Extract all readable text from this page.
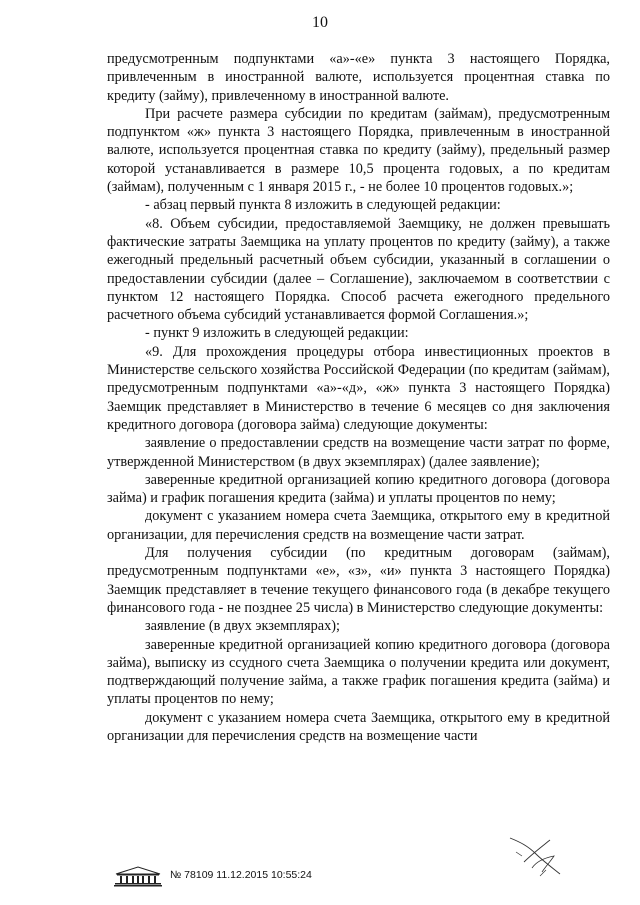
10

предусмотренным подпунктами «а»-«е» пункта 3 настоящего Порядка, привлеченным в иностранной валюте, используется процентная ставка по кредиту (займу), привлеченному в иностранной валюте.

При расчете размера субсидии по кредитам (займам), предусмотренным подпунктом «ж» пункта 3 настоящего Порядка, привлеченным в иностранной валюте, используется процентная ставка по кредиту (займу), предельный размер которой устанавливается в размере 10,5 процента годовых, а по кредитам (займам), полученным с 1 января 2015 г., - не более 10 процентов годовых.»;

- абзац первый пункта 8 изложить в следующей редакции:

«8. Объем субсидии, предоставляемой Заемщику, не должен превышать фактические затраты Заемщика на уплату процентов по кредиту (займу), а также ежегодный предельный расчетный объем субсидии, указанный в соглашении о предоставлении субсидии (далее – Соглашение), заключаемом в соответствии с пунктом 12 настоящего Порядка. Способ расчета ежегодного предельного расчетного объема субсидий устанавливается формой Соглашения.»;

- пункт 9 изложить в следующей редакции:

«9. Для прохождения процедуры отбора инвестиционных проектов в Министерстве сельского хозяйства Российской Федерации (по кредитам (займам), предусмотренным подпунктами «а»-«д», «ж» пункта 3 настоящего Порядка) Заемщик представляет в Министерство в течение 6 месяцев со дня заключения кредитного договора (договора займа) следующие документы:

заявление о предоставлении средств на возмещение части затрат по форме, утвержденной Министерством (в двух экземплярах) (далее заявление);

заверенные кредитной организацией копию кредитного договора (договора займа) и график погашения кредита (займа) и уплаты процентов по нему;

документ с указанием номера счета Заемщика, открытого ему в кредитной организации, для перечисления средств на возмещение части затрат.

Для получения субсидии (по кредитным договорам (займам), предусмотренным подпунктами «е», «з», «и» пункта 3 настоящего Порядка) Заемщик представляет в течение текущего финансового года (в декабре текущего финансового года - не позднее 25 числа) в Министерство следующие документы:

заявление (в двух экземплярах);

заверенные кредитной организацией копию кредитного договора (договора займа), выписку из ссудного счета Заемщика о получении кредита или документ, подтверждающий получение займа, а также график погашения кредита (займа) и уплаты процентов по нему;

документ с указанием номера счета Заемщика, открытого ему в кредитной организации для перечисления средств на возмещение части

№ 78109 11.12.2015 10:55:24
